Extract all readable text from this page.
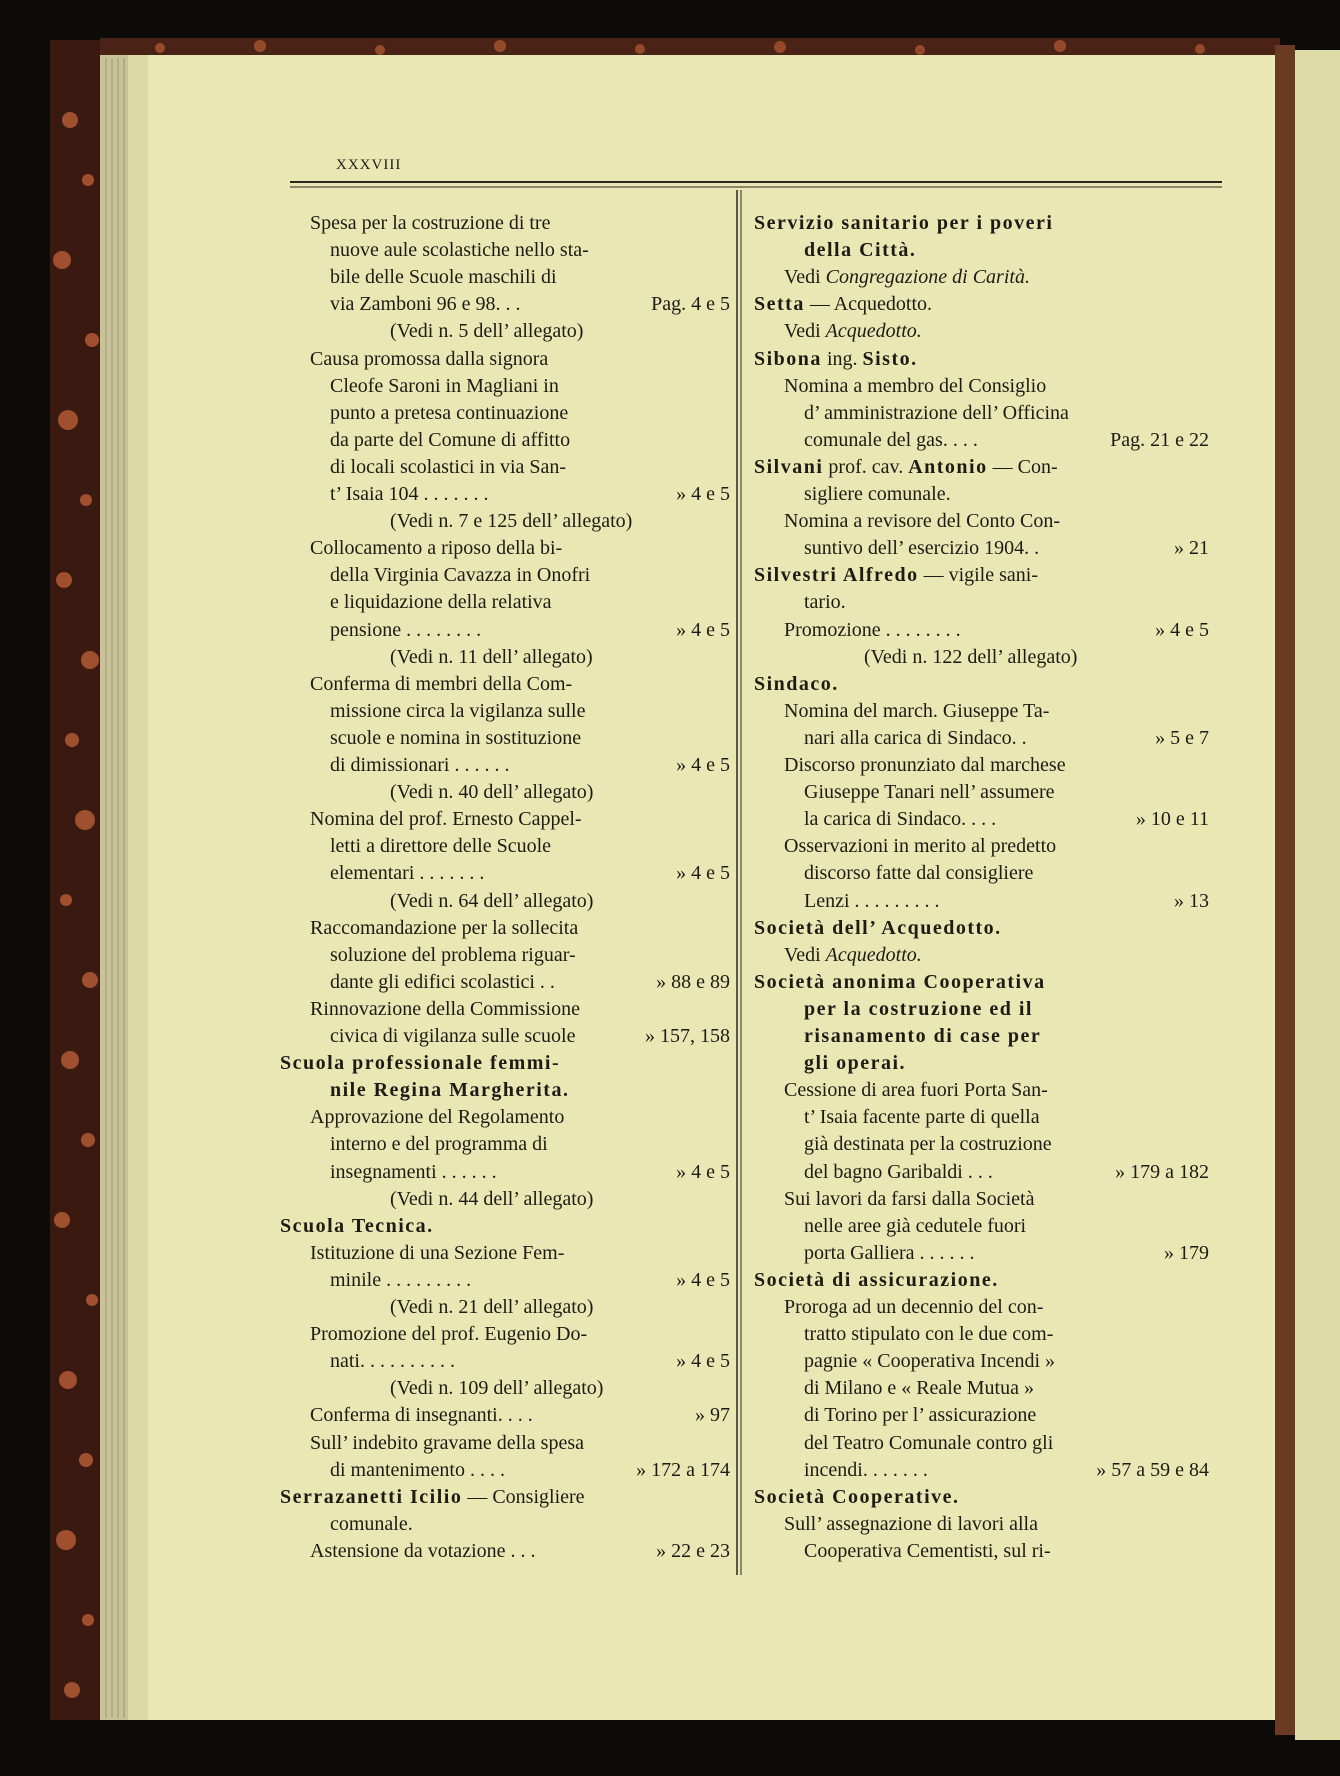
XXXVIII
Spesa per la costruzione di tre
nuove aule scolastiche nello sta-
bile delle Scuole maschili di
via Zamboni 96 e 98. . .	Pag. 4 e 5
(Vedi n. 5 dell’ allegato)
Causa promossa dalla signora
Cleofe Saroni in Magliani in
punto a pretesa continuazione
da parte del Comune di affitto
di locali scolastici in via San-
t’ Isaia 104 . . . . . . .	» 4 e 5
(Vedi n. 7 e 125 dell’ allegato)
Collocamento a riposo della bi-
della Virginia Cavazza in Onofri
e liquidazione della relativa
pensione . . . . . . . .	» 4 e 5
(Vedi n. 11 dell’ allegato)
Conferma di membri della Com-
missione circa la vigilanza sulle
scuole e nomina in sostituzione
di dimissionari . . . . . .	» 4 e 5
(Vedi n. 40 dell’ allegato)
Nomina del prof. Ernesto Cappel-
letti a direttore delle Scuole
elementari . . . . . . .	» 4 e 5
(Vedi n. 64 dell’ allegato)
Raccomandazione per la sollecita
soluzione del problema riguar-
dante gli edifici scolastici . .	» 88 e 89
Rinnovazione della Commissione
civica di vigilanza sulle scuole	» 157, 158
Scuola professionale femmi-
nile Regina Margherita.
Approvazione del Regolamento
interno e del programma di
insegnamenti . . . . . .	» 4 e 5
(Vedi n. 44 dell’ allegato)
Scuola Tecnica.
Istituzione di una Sezione Fem-
minile . . . . . . . . .	» 4 e 5
(Vedi n. 21 dell’ allegato)
Promozione del prof. Eugenio Do-
nati. . . . . . . . . .	» 4 e 5
(Vedi n. 109 dell’ allegato)
Conferma di insegnanti. . . .	» 97
Sull’ indebito gravame della spesa
di mantenimento . . . .	» 172 a 174
Serrazanetti Icilio — Consigliere
comunale.
Astensione da votazione . . .	» 22 e 23
Servizio sanitario per i poveri
della Città.
Vedi Congregazione di Carità.
Setta — Acquedotto.
Vedi Acquedotto.
Sibona ing. Sisto.
Nomina a membro del Consiglio
d’ amministrazione dell’ Officina
comunale del gas. . . .	Pag. 21 e 22
Silvani prof. cav. Antonio — Con-
sigliere comunale.
Nomina a revisore del Conto Con-
suntivo dell’ esercizio 1904. .	» 21
Silvestri Alfredo — vigile sani-
tario.
Promozione . . . . . . . .	» 4 e 5
(Vedi n. 122 dell’ allegato)
Sindaco.
Nomina del march. Giuseppe Ta-
nari alla carica di Sindaco. .	» 5 e 7
Discorso pronunziato dal marchese
Giuseppe Tanari nell’ assumere
la carica di Sindaco. . . .	» 10 e 11
Osservazioni in merito al predetto
discorso fatte dal consigliere
Lenzi . . . . . . . . .	» 13
Società dell’ Acquedotto.
Vedi Acquedotto.
Società anonima Cooperativa
per la costruzione ed il
risanamento di case per
gli operai.
Cessione di area fuori Porta San-
t’ Isaia facente parte di quella
già destinata per la costruzione
del bagno Garibaldi . . .	» 179 a 182
Sui lavori da farsi dalla Società
nelle aree già cedutele fuori
porta Galliera . . . . . .	» 179
Società di assicurazione.
Proroga ad un decennio del con-
tratto stipulato con le due com-
pagnie « Cooperativa Incendi »
di Milano e « Reale Mutua »
di Torino per l’ assicurazione
del Teatro Comunale contro gli
incendi. . . . . . .	» 57 a 59 e 84
Società Cooperative.
Sull’ assegnazione di lavori alla
Cooperativa Cementisti, sul ri-
